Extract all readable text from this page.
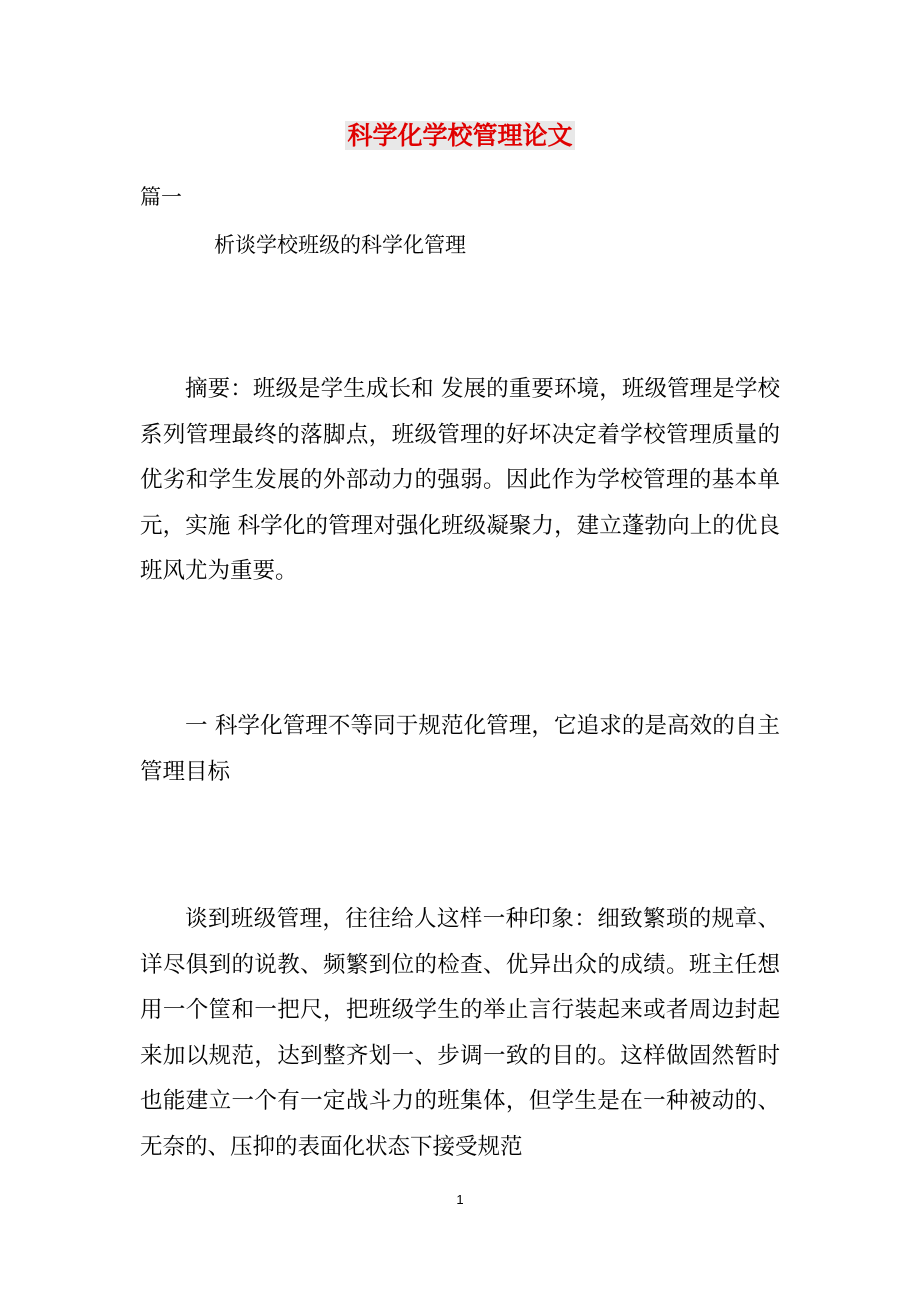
科学化学校管理论文
篇一
析谈学校班级的科学化管理

摘要：班级是学生成长和 发展的重要环境，班级管理是学校系列管理最终的落脚点，班级管理的好坏决定着学校管理质量的优劣和学生发展的外部动力的强弱。因此作为学校管理的基本单元，实施 科学化的管理对强化班级凝聚力，建立蓬勃向上的优良班风尤为重要。

一 科学化管理不等同于规范化管理，它追求的是高效的自主管理目标

谈到班级管理，往往给人这样一种印象：细致繁琐的规章、详尽俱到的说教、频繁到位的检查、优异出众的成绩。班主任想用一个筐和一把尺，把班级学生的举止言行装起来或者周边封起来加以规范，达到整齐划一、步调一致的目的。这样做固然暂时也能建立一个有一定战斗力的班集体，但学生是在一种被动的、无奈的、压抑的表面化状态下接受规范

1
